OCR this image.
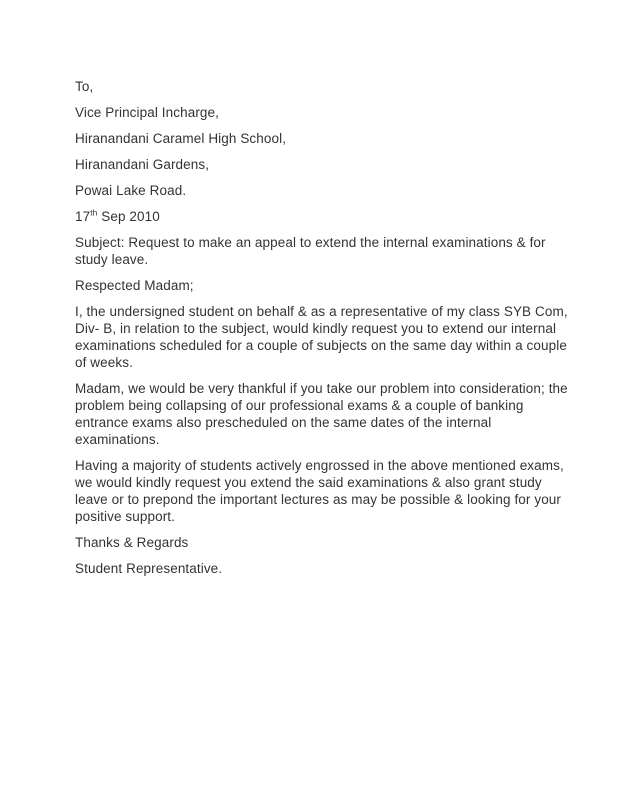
To,

Vice Principal Incharge,

Hiranandani Caramel High School,

Hiranandani Gardens,

Powai Lake Road.

17th Sep 2010

Subject: Request to make an appeal to extend the internal examinations & for study leave.

Respected Madam;

I, the undersigned student on behalf & as a representative of my class SYB Com, Div- B, in relation to the subject, would kindly request you to extend our internal examinations scheduled for a couple of subjects on the same day within a couple of weeks.

Madam, we would be very thankful if you take our problem into consideration; the problem being collapsing of our professional exams & a couple of banking entrance exams also prescheduled on the same dates of the internal examinations.

Having a majority of students actively engrossed in the above mentioned exams, we would kindly request you extend the said examinations & also grant study leave or to prepond the important lectures as may be possible & looking for your positive support.

Thanks & Regards

Student Representative.
